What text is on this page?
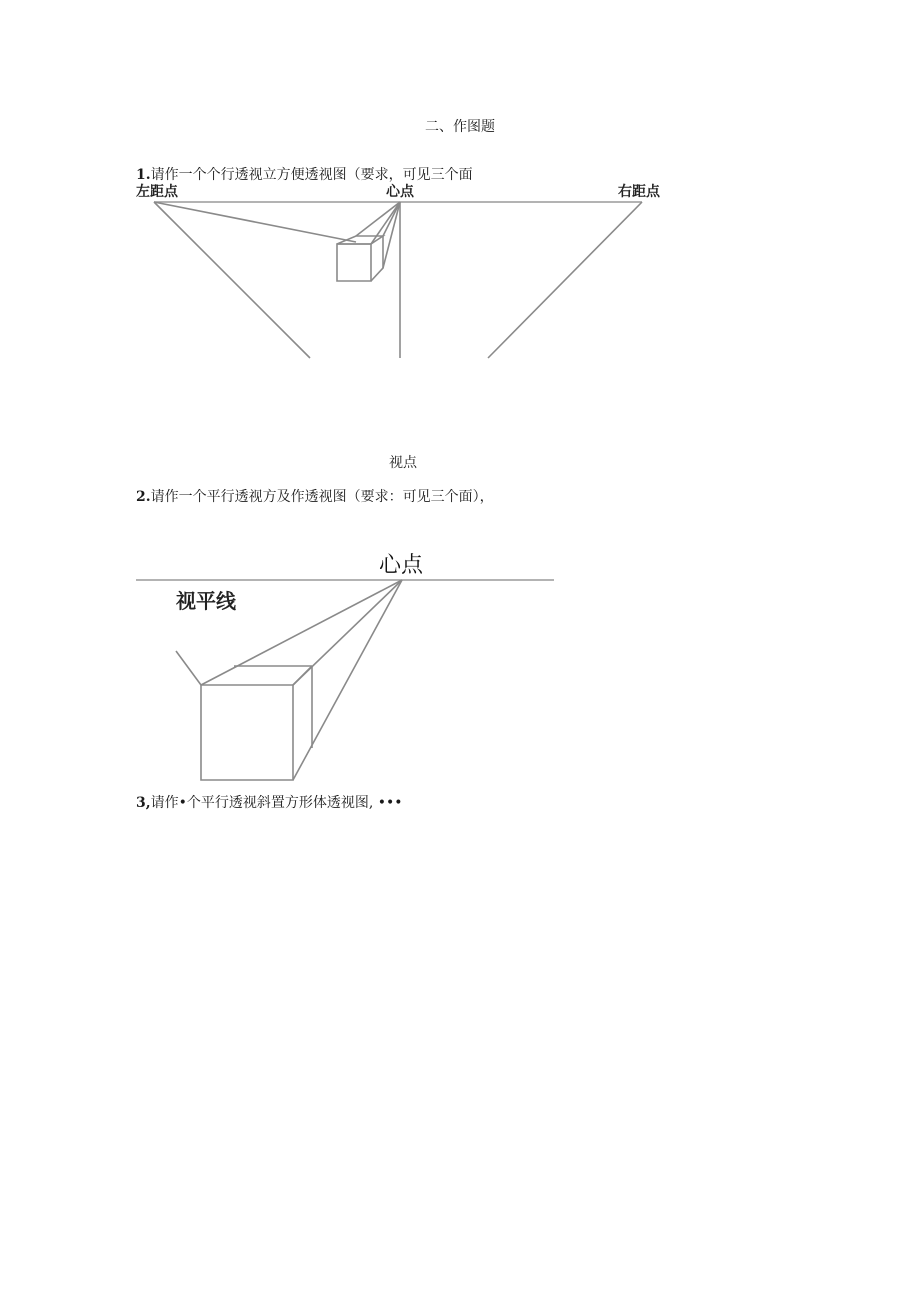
二、作图题
1.请作一个个行透视立方便透视图（要求，可见三个面
左距点	心点	右距点
视点
2.请作一个平行透视方及作透视图（要求：可见三个面），
心点
视平线
3,请作•个平行透视斜置方形体透视图, •••
